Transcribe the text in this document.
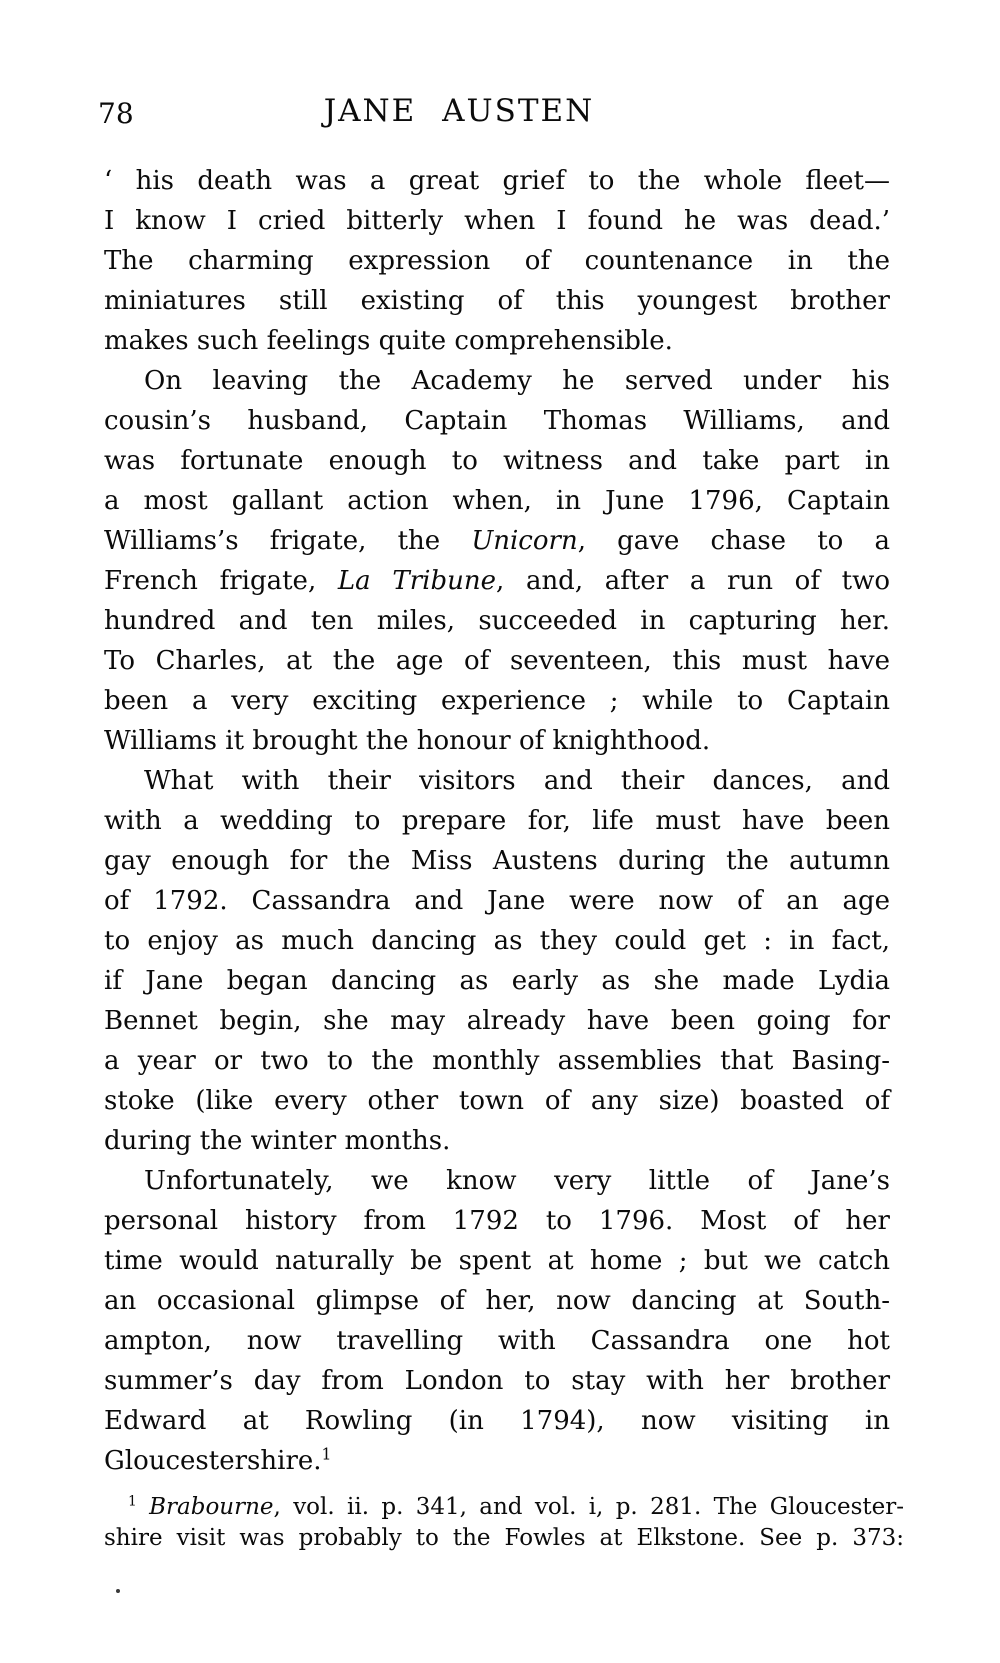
78	JANE AUSTEN
‘ his death was a great grief to the whole fleet—
I know I cried bitterly when I found he was dead.’
The charming expression of countenance in the
miniatures still existing of this youngest brother
makes such feelings quite comprehensible.
On leaving the Academy he served under his
cousin’s husband, Captain Thomas Williams, and
was fortunate enough to witness and take part in
a most gallant action when, in June 1796, Captain
Williams’s frigate, the Unicorn, gave chase to a
French frigate, La Tribune, and, after a run of two
hundred and ten miles, succeeded in capturing her.
To Charles, at the age of seventeen, this must have
been a very exciting experience ; while to Captain
Williams it brought the honour of knighthood.
What with their visitors and their dances, and
with a wedding to prepare for, life must have been
gay enough for the Miss Austens during the autumn
of 1792. Cassandra and Jane were now of an age
to enjoy as much dancing as they could get : in fact,
if Jane began dancing as early as she made Lydia
Bennet begin, she may already have been going for
a year or two to the monthly assemblies that Basing-
stoke (like every other town of any size) boasted of
during the winter months.
Unfortunately, we know very little of Jane’s
personal history from 1792 to 1796. Most of her
time would naturally be spent at home ; but we catch
an occasional glimpse of her, now dancing at South-
ampton, now travelling with Cassandra one hot
summer’s day from London to stay with her brother
Edward at Rowling (in 1794), now visiting in
Gloucestershire.$^1$
$^1$ Brabourne, vol. ii. p. 341, and vol. i, p. 281. The Gloucester-
shire visit was probably to the Fowles at Elkstone. See p. 373:
